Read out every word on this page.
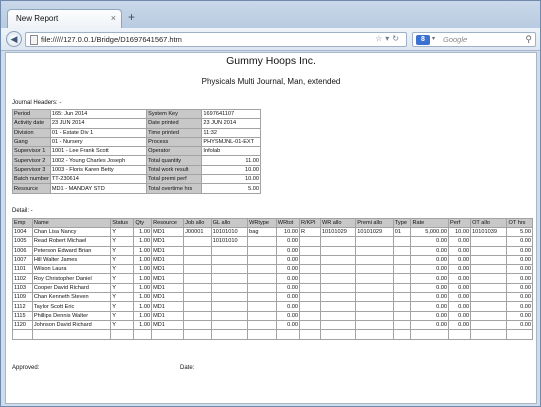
New Report	× +
◀	file://///127.0.0.1/Bridge/D1697641567.htm	☆▾↻	8	▾ Google	⚲
Gummy Hoops Inc.
Physicals Multi Journal, Man, extended
Journal Headers: -
Period	165: Jun 2014	System Key	1697641107
Activity date	23 JUN 2014	Date printed	23 JUN 2014
Division	01 - Estate Div 1	Time printed	11:32
Gang	01 - Nursery	Process	PHYSMJNL-01-EXT
Supervisor 1	1001 - Lee Frank Scott	Operator	Infolab
Supervisor 2	1002 - Young Charles Joseph	Total quantity	11.00
Supervisor 3	1003 - Floris Karen Betty	Total work result	10.00
Batch number	TT-230614	Total premi perf	10.00
Resource	MD1 - MANDAY STD	Total overtime hrs	5.00
Detail: -
Emp	Name	Status	Qty	Resource	Job allo	GL allo	WRtype	WRtot	R/KPI	WR allo	Premi allo	Type	Rate	Perf	OT allo	OT hrs
1004	Chan Lisa Nancy	Y	1.00	MD1	J00001	10101010	bag	10.00	R	10101029	10101029	01	5,000.00	10.00	10101039	5.00
1005	Read Robert Michael	Y	1.00	MD1		10101010		0.00					0.00	0.00		0.00
1006	Peterson Edward Brian	Y	1.00	MD1				0.00					0.00	0.00		0.00
1007	Hill Walter James	Y	1.00	MD1				0.00					0.00	0.00		0.00
1101	Wilson Laura	Y	1.00	MD1				0.00					0.00	0.00		0.00
1102	Roy Christopher Daniel	Y	1.00	MD1				0.00					0.00	0.00		0.00
1103	Cooper David Richard	Y	1.00	MD1				0.00					0.00	0.00		0.00
1109	Chan Kenneth Steven	Y	1.00	MD1				0.00					0.00	0.00		0.00
1112	Taylor Scott Eric	Y	1.00	MD1				0.00					0.00	0.00		0.00
1115	Phillips Dennis Walter	Y	1.00	MD1				0.00					0.00	0.00		0.00
1120	Johnson David Richard	Y	1.00	MD1				0.00					0.00	0.00		0.00

Approved:	Date:
